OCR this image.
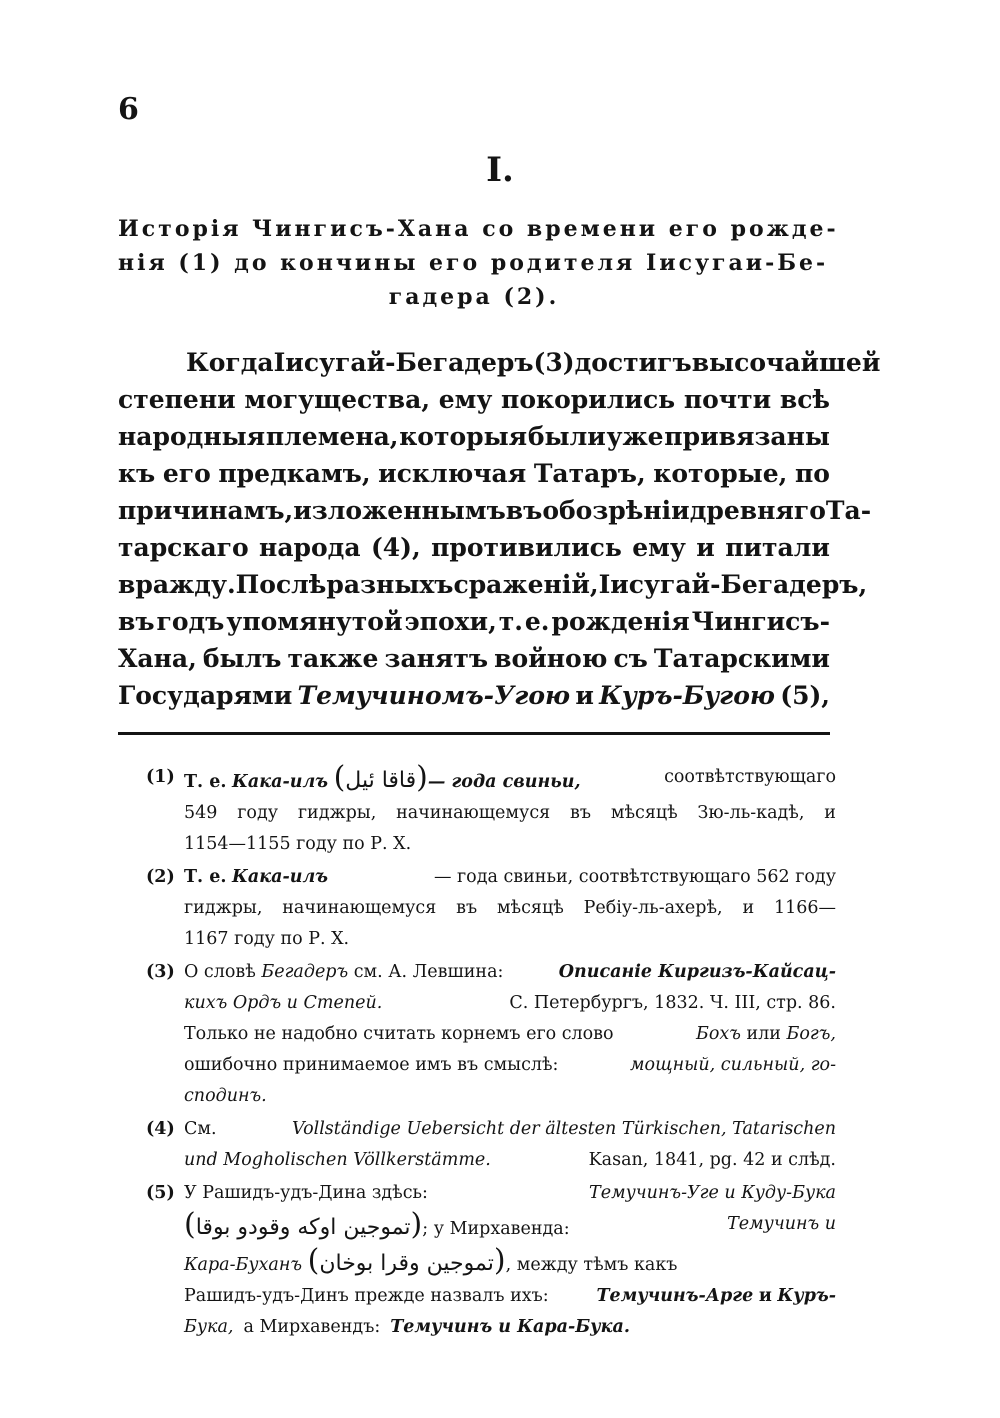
6
I.
Исторія Чингисъ-Хана со времени его рожде-
нія (1) до кончины его родителя Iисугаи-Бе-
гадера (2).
Когда Iисугай-Бегадеръ (3) достигъ высочайшей
степени могущества, ему покорились почти всѣ
народныя племена, которыя были уже привязаны
къ его предкамъ, исключая Татаръ, которые, по
причинамъ, изложеннымъ въ обозрѣніи древняго Та-
тарскаго народа (4), противились ему и питали
вражду. Послѣ разныхъ сраженій, Iисугай-Бегадеръ,
въ годъ упомянутой эпохи, т. е. рожденія Чингисъ-
Хана, былъ также занятъ войною съ Татарскими
Государями Темучиномъ-Угою и Куръ-Бугою (5),
(1) Т. е. Кака-илъ (قاقا ئيل)— года свиньи,	соотвѣтствующаго
549 году гиджры, начинающемуся въ мѣсяцѣ Зю-ль-кадѣ, и
1154—1155 году по Р. Х.
(2) Т. е. Кака-илъ	— года свиньи, соотвѣтствующаго 562 году
гиджры, начинающемуся въ мѣсяцѣ Ребіу-ль-ахерѣ, и 1166—
1167 году по Р. Х.
(3) О словѣ Бегадеръ см. А. Левшина:	Описаніе Киргизъ-Кайсац-
кихъ Ордъ и Степей.	С. Петербургъ, 1832. Ч. III, стр. 86.
Только не надобно считать корнемъ его слово	Бохъ или Богъ,
ошибочно принимаемое имъ въ смыслѣ:	мощный, сильный, го-
сподинъ.
(4) См.	Vollständige Uebersicht der ältesten Türkischen, Tatarischen
und Mogholischen Völlkerstämme.	Kasan, 1841, pg. 42 и слѣд.
(5) У Рашидъ-удъ-Дина здѣсь:	Темучинъ-Уге и Куду-Бука
(تموجين اوكه وقودو بوقا); у Мирхавенда:	Темучинъ и
Кара-Буханъ (تموجين وقرا بوخان), между тѣмъ какъ
Рашидъ-удъ-Динъ прежде назвалъ ихъ:	Темучинъ-Арге и Куръ-
Бука, а Мирхавендъ: Темучинъ и Кара-Бука.
